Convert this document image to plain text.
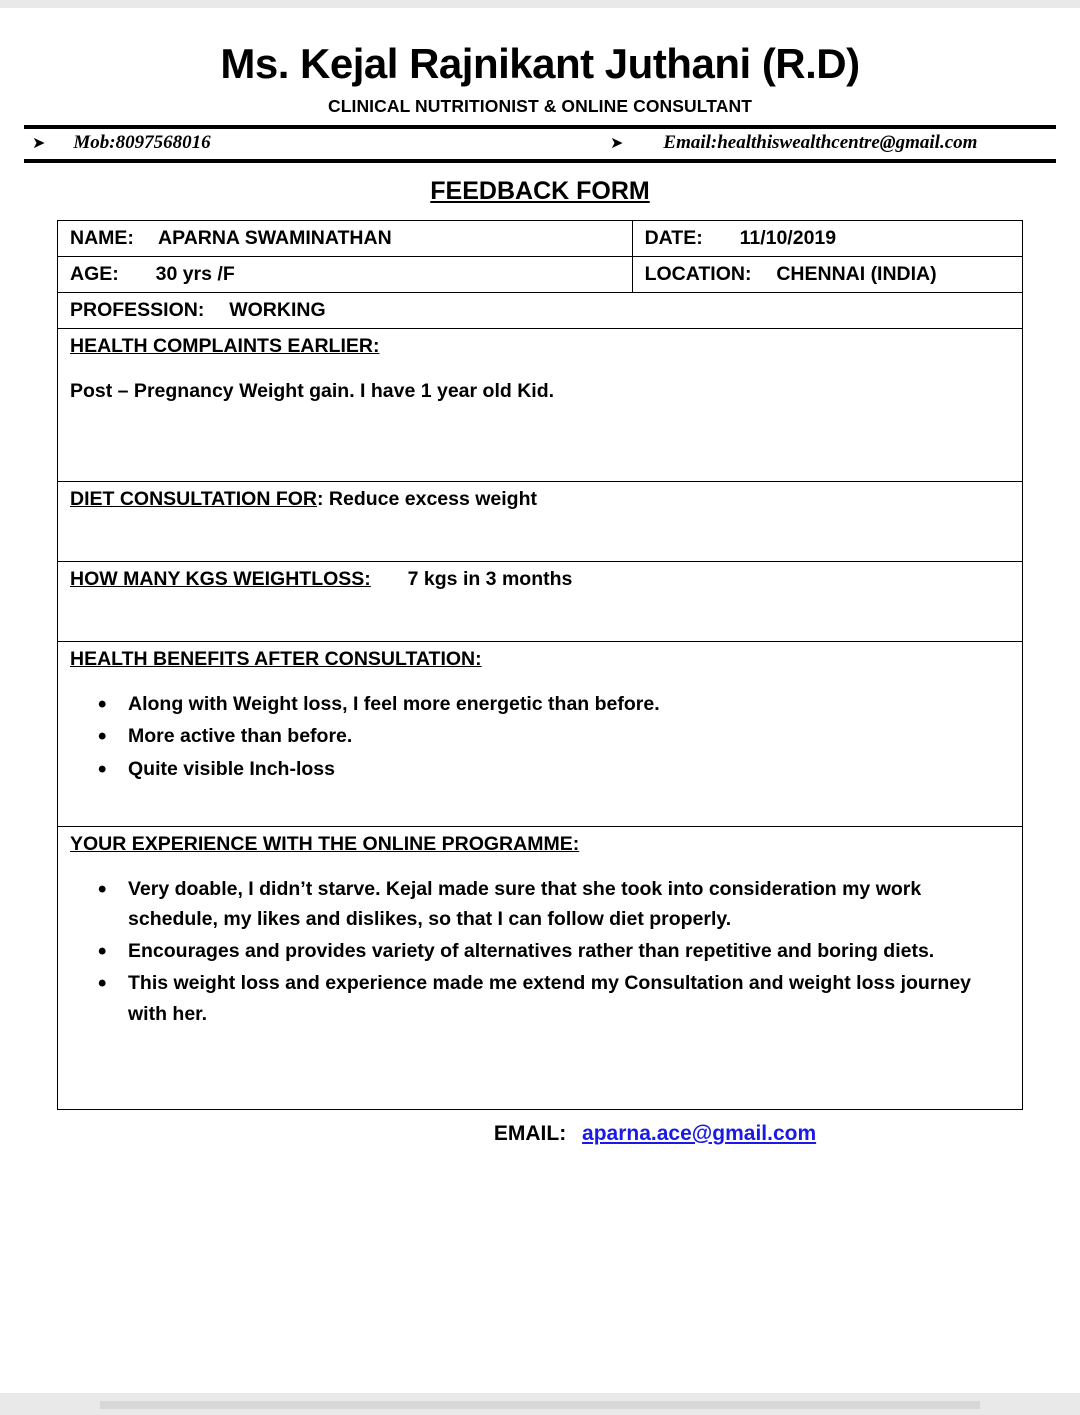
Ms. Kejal Rajnikant Juthani (R.D)
CLINICAL NUTRITIONIST & ONLINE CONSULTANT
➤ Mob:8097568016	➤ Email:healthiswealthcentre@gmail.com
FEEDBACK FORM
NAME: APARNA SWAMINATHAN	DATE: 11/10/2019
AGE: 30 yrs /F	LOCATION: CHENNAI (INDIA)
PROFESSION: WORKING	

HEALTH COMPLAINTS EARLIER:
Post – Pregnancy Weight gain. I have 1 year old Kid.	

DIET CONSULTATION FOR: Reduce excess weight	

HOW MANY KGS WEIGHTLOSS: 7 kgs in 3 months	

HEALTH BENEFITS AFTER CONSULTATION:
• Along with Weight loss, I feel more energetic than before.
• More active than before.
• Quite visible Inch-loss

YOUR EXPERIENCE WITH THE ONLINE PROGRAMME:
• Very doable, I didn’t starve. Kejal made sure that she took into consideration my work schedule, my likes and dislikes, so that I can follow diet properly.
• Encourages and provides variety of alternatives rather than repetitive and boring diets.
• This weight loss and experience made me extend my Consultation and weight loss journey with her.
EMAIL: aparna.ace@gmail.com
